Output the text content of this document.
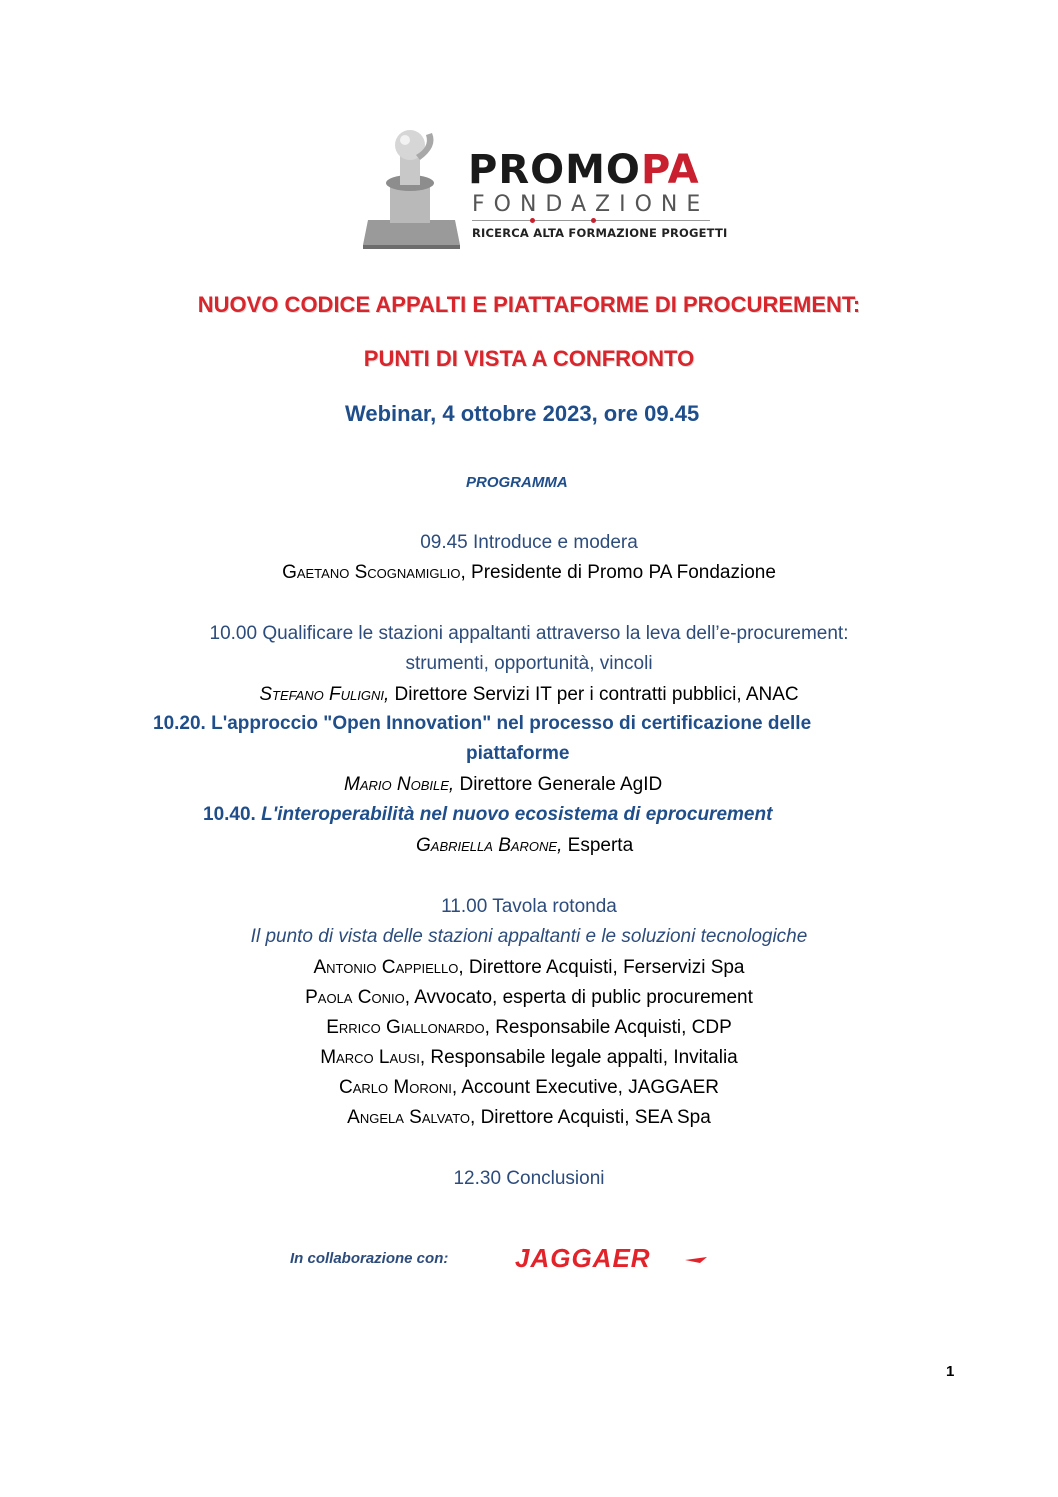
PROMOPA
FONDAZIONE
RICERCA ALTA FORMAZIONE PROGETTI
NUOVO CODICE APPALTI E PIATTAFORME DI PROCUREMENT:
PUNTI DI VISTA A CONFRONTO
Webinar, 4 ottobre 2023, ore 09.45
PROGRAMMA
09.45 Introduce e modera
Gaetano Scognamiglio, Presidente di Promo PA Fondazione
10.00 Qualificare le stazioni appaltanti attraverso la leva dell’e-procurement:
strumenti, opportunità, vincoli
Stefano Fuligni, Direttore Servizi IT per i contratti pubblici, ANAC
10.20. L'approccio "Open Innovation" nel processo di certificazione delle
piattaforme
Mario Nobile, Direttore Generale AgID
10.40. L'interoperabilità nel nuovo ecosistema di eprocurement
Gabriella Barone, Esperta
11.00 Tavola rotonda
Il punto di vista delle stazioni appaltanti e le soluzioni tecnologiche
Antonio Cappiello, Direttore Acquisti, Ferservizi Spa
Paola Conio, Avvocato, esperta di public procurement
Errico Giallonardo, Responsabile Acquisti, CDP
Marco Lausi, Responsabile legale appalti, Invitalia
Carlo Moroni, Account Executive, JAGGAER
Angela Salvato, Direttore Acquisti, SEA Spa
12.30 Conclusioni
In collaborazione con:	JAGGAER
1
